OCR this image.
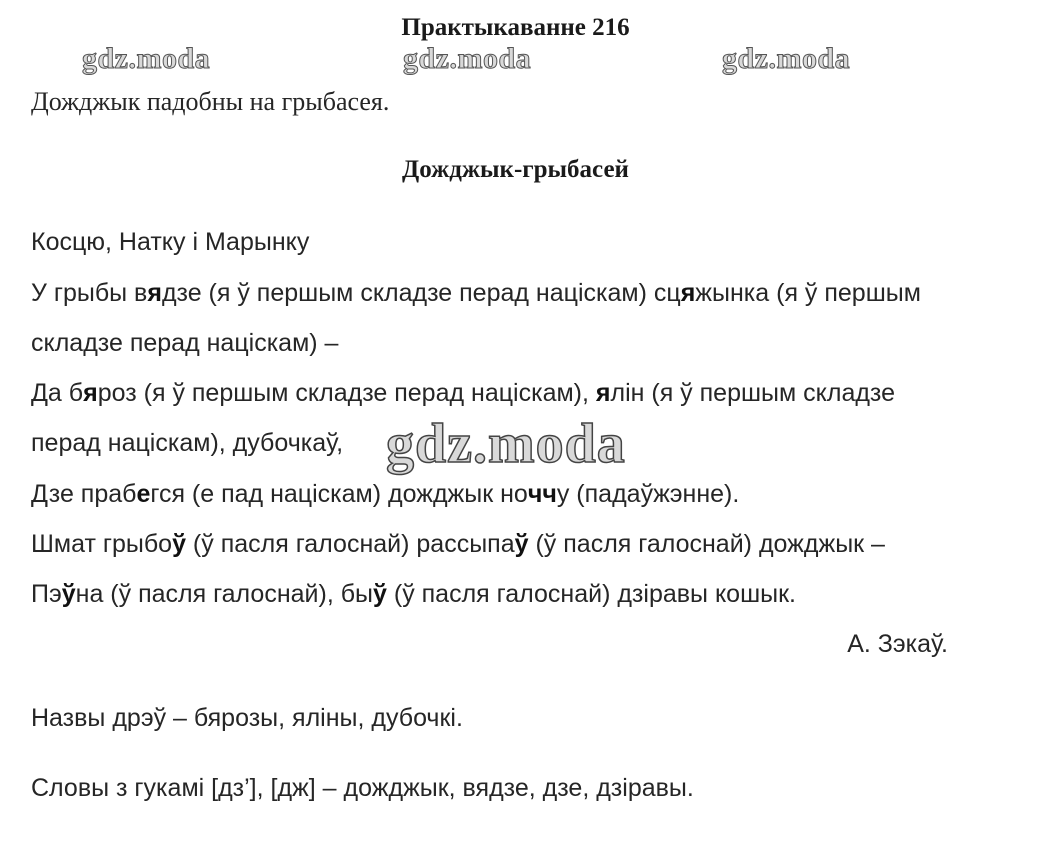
Практыкаванне 216
gdz.moda	gdz.moda	gdz.moda
Дожджык падобны на грыбасея.
Дожджык-грыбасей
Косцю, Натку і Марынку
У грыбы вядзе (я ў першым складзе перад націскам) сцяжынка (я ў першым
складзе перад націскам) –
Да бяроз (я ў першым складзе перад націскам), ялін (я ў першым складзе
перад націскам), дубочкаў, gdz.moda
Дзе прабегся (е пад націскам) дожджык ноччу (падаўжэнне).
Шмат грыбоў (ў пасля галоснай) рассыпаў (ў пасля галоснай) дожджык –
Пэўна (ў пасля галоснай), быў (ў пасля галоснай) дзіравы кошык.
А. Зэкаў.
Назвы дрэў – бярозы, яліны, дубочкі.
Словы з гукамі [дз’], [дж] – дожджык, вядзе, дзе, дзіравы.
